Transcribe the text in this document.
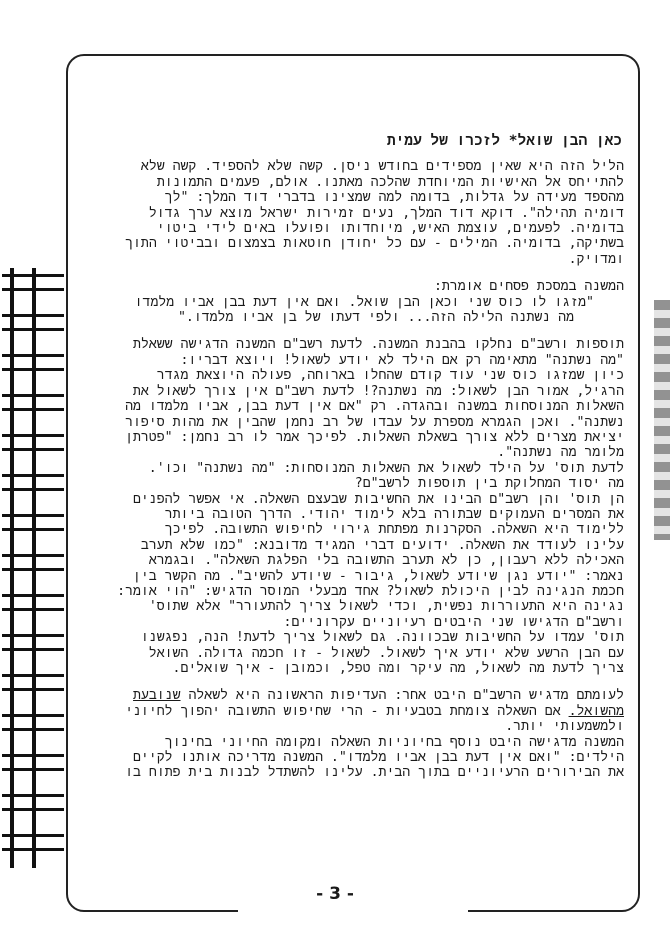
כאן הבן שואל* לזכרו של עמית
הליל הזה היא שאין מספידים בחודש ניסן. קשה שלא להספיד. קשה שלא
להתייחס אל האישיות המיוחדת שהלכה מאתנו. אולם, פעמים התמונות
מהספד מעידה על גדלות, בדומה למה שמצינו בדברי דוד המלך: "לך
דומיה תהילה". דוקא דוד המלך, נעים זמירות ישראל מוצא ערך גדול
בדומיה. לפעמים, עוצמת האיש, מיוחדותו ופועלו באים לידי ביטוי
בשתיקה, בדומיה. המילים - עם כל יחודן חוטאות בצמצום ובביטוי התוך
ומדויק.
המשנה במסכת פסחים אומרת:
"מזגו לו כוס שני וכאן הבן שואל. ואם אין דעת בבן אביו מלמדו
מה נשתנה הלילה הזה... ולפי דעתו של בן אביו מלמדו."
תוספות ורשב"ם נחלקו בהבנת המשנה. לדעת רשב"ם המשנה הדגישה ששאלת
"מה נשתנה" מתאימה רק אם הילד לא יודע לשאול! ויוצא דבריו:
כיון שמזגו כוס שני עוד קודם שהחלו בארוחה, פעולה היוצאת מגדר
הרגיל, אמור הבן לשאול: מה נשתנה?! לדעת רשב"ם אין צורך לשאול את
השאלות המנוסחות במשנה ובהגדה. רק "אם אין דעת בבן, אביו מלמדו מה
נשתנה". ואכן הגמרא מספרת על עבדו של רב נחמן שהבין את מהות סיפור
יציאת מצרים ללא צורך בשאלת השאלות. לפיכך אמר לו רב נחמן: "פטרתן
מלומר מה נשתנה".
לדעת תוס' על הילד לשאול את השאלות המנוסחות: "מה נשתנה" וכו'.
מה יסוד המחלוקת בין תוספות לרשב"ם?
הן תוס' והן רשב"ם הבינו את החשיבות שבעצם השאלה. אי אפשר להפנים
את המסרים העמוקים שבתורה בלא לימוד יהודי. הדרך הטובה ביותר
ללימוד היא השאלה. הסקרנות מפתחת גירוי לחיפוש התשובה. לפיכך
עלינו לעודד את השאלה. ידועים דברי המגיד מדובנא: "כמו שלא תערב
האכילה ללא רעבון, כן לא תערב התשובה בלי הפלגת השאלה". ובגמרא
נאמר: "יודע נגן שיודע לשאול, גיבור - שיודע להשיב". מה הקשר בין
חכמת הנגינה לבין היכולת לשאול? אחד מבעלי המוסר הדגיש: "הוי אומר:
נגינה היא התעוררות נפשית, וכדי לשאול צריך להתעורר" אלא שתוס'
ורשב"ם הדגישו שני היבטים רעיוניים עקרוניים:
תוס' עמדו על החשיבות שבכוונה. גם לשאול צריך לדעת! הנה, נפגשנו
עם הבן הרשע שלא יודע איך לשאול. לשאול - זו חכמה גדולה. השואל
צריך לדעת מה לשאול, מה עיקר ומה טפל, וכמובן - איך שואלים.
לעומתם מדגיש הרשב"ם היבט אחר: העדיפות הראשונה היא לשאלה שנובעת
מהשואל. אם השאלה צומחת בטבעיות - הרי שחיפוש התשובה יהפוך לחיוני
ולמשמעותי יותר.
המשנה מדגישה היבט נוסף בחיוניות השאלה ומקומה החיוני בחינוך
הילדים: "ואם אין דעת בבן אביו מלמדו". המשנה מדריכה אותנו לקיים
את הבירורים הרעיוניים בתוך הבית. עלינו להשתדל לבנות בית פתוח בו
- 3 -
